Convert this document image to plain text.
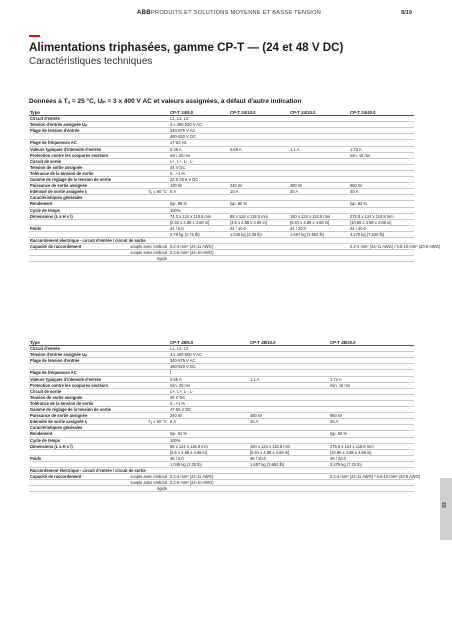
ABB PRODUITS ET SOLUTIONS MOYENNE ET BASSE TENSION	8/19
Alimentations triphasées, gamme CP-T — (24 et 48 V DC)
Caractéristiques techniques
Données à Tₐ = 25 °C, Uᵢₙ = 3 x 400 V AC et valeurs assignées, à défaut d'autre indication
Type		CP-T 24/5.0	CP-T 24/10.0	CP-T 24/20.0	CP-T 24/40.0
Circuit d'entrée		L1, L2, L3			
Tension d'entrée assignée Uᵢₙ		3 x 400-500 V AC			
Plage de tension d'entrée		340-575 V AC			
		480-820 V DC			
Plage de fréquences AC		47-63 Hz			
Valeurs typiques d'intensité d'entrée		0.38 A	0.65 A	1.1 A	1.72 A
Protection contre les coupures secteurs		min. 20 ms			min. 15 ms
Circuit de sortie		L+, L+, L-, L-			
Tension de sortie assignée		24 V DC			
Tolérance de la tension de sortie		0...+1 %			
Gamme de réglage de la tension de sortie		22.5-28.5 V DC			
Puissance de sortie assignée		120 W	240 W	480 W	960 W
Intensité de sortie assignée Iᵣ	Tₐ ≤ 60 °C	5 A	10 A	20 A	40 A
Caractéristiques générales					
Rendement		typ. 89 %	typ. 90 %		typ. 92 %
Cycle de temps		100%			
Dimensions (L x H x l)		74.3 x 124 x 118.8 mm	89 x 124 x 118.8 mm	150 x 124 x 118.8 mm	275.8 x 124 x 118.8 mm
		[2.92 x 4.88 x 4.68 in]	[3.5 x 4.88 x 4.68 in]	[5.91 x 4.88 x 4.68 in]	[10.86 x 4.88 x 4.68 in]
Poids		24 / 5.0	24 / 10.0	24 / 20.0	24 / 40.0
		0.78 kg (1.72 lb)	1.045 kg (2.30 lb)	1.657 kg (3.653 lb)	3.275 kg (7.220 lb)
Raccordement électrique - circuit d'entrée / circuit de sortie					
Capacité de raccordement	souple avec embout	0.2-4 mm² (24-11 AWG)			0.2-4 mm² (24-11 AWG) / 0.5-10 mm² (20-8 AWG)
	souple sans embout	0.2-6 mm² (24-10 AWG)			
	rigide				
Type		CP-T 48/5.0	CP-T 48/10.0	CP-T 48/20.0
Circuit d'entrée		L1, L2, L3		
Tension d'entrée assignée Uᵢₙ		3 x 400-500 V AC		
Plage de tension d'entrée		340-575 V AC		
		480-820 V DC		
Plage de fréquences AC		f		
Valeurs typiques d'intensité d'entrée		0.65 A	1.1 A	1.72 A
Protection contre les coupures secteurs		min. 20 ms		min. 15 ms
Circuit de sortie		L+, L+, L-, L-		
Tension de sortie assignée		48 V DC		
Tolérance de la tension de sortie		0...+1 %		
Gamme de réglage de la tension de sortie		47-56 V DC		
Puissance de sortie assignée		240 W	480 W	960 W
Intensité de sortie assignée Iᵣ	Tₐ ≤ 60 °C	5 A	10 A	20 A
Caractéristiques générales				
Rendement		typ. 91 %		typ. 93 %
Cycle de temps		100%		
Dimensions (L x H x l)		89 x 124 x 118.8 mm	150 x 124 x 118.8 mm	275.8 x 124 x 118.8 mm
		[3.5 x 4.88 x 4.68 in]	[5.91 x 4.88 x 4.68 in]	[10.86 x 4.88 x 4.68 in]
Poids		48 / 5.0	48 / 10.0	48 / 20.0
		1.045 kg (2.30 lb)	1.657 kg (3.653 lb)	3.275 kg (7.22 lb)
Raccordement électrique - circuit d'entrée / circuit de sortie				
Capacité de raccordement	souple avec embout	0.2-4 mm² (24-11 AWG)		0.2-4 mm² (24-11 AWG) / 0.5-10 mm² (20-8 AWG)
	souple sans embout	0.2-6 mm² (24-10 AWG)		
	rigide			
03
